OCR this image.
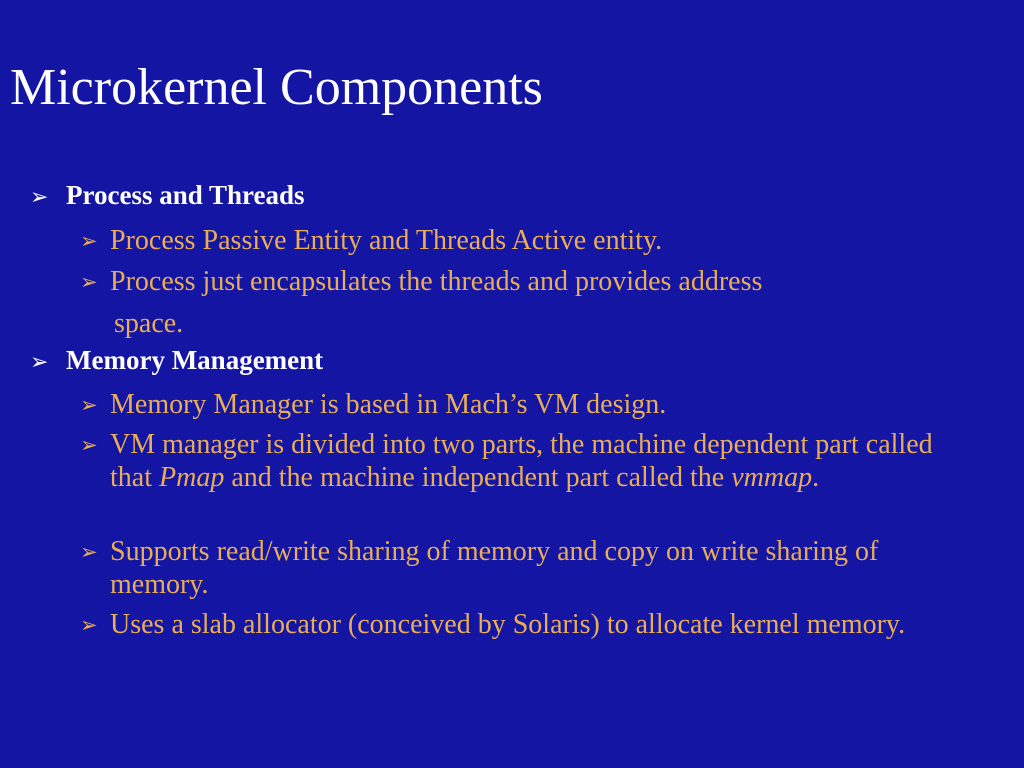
Microkernel Components
➢ Process and Threads
➢ Process Passive Entity and Threads Active entity.
➢ Process just encapsulates the threads and provides address
space.
➢ Memory Management
➢ Memory Manager is based in Mach’s VM design.
➢ VM manager is divided into two parts, the machine dependent part called that Pmap and the machine independent part called the vmmap.
➢ Supports read/write sharing of memory and copy on write sharing of memory.
➢ Uses a slab allocator (conceived by Solaris) to allocate kernel memory.
